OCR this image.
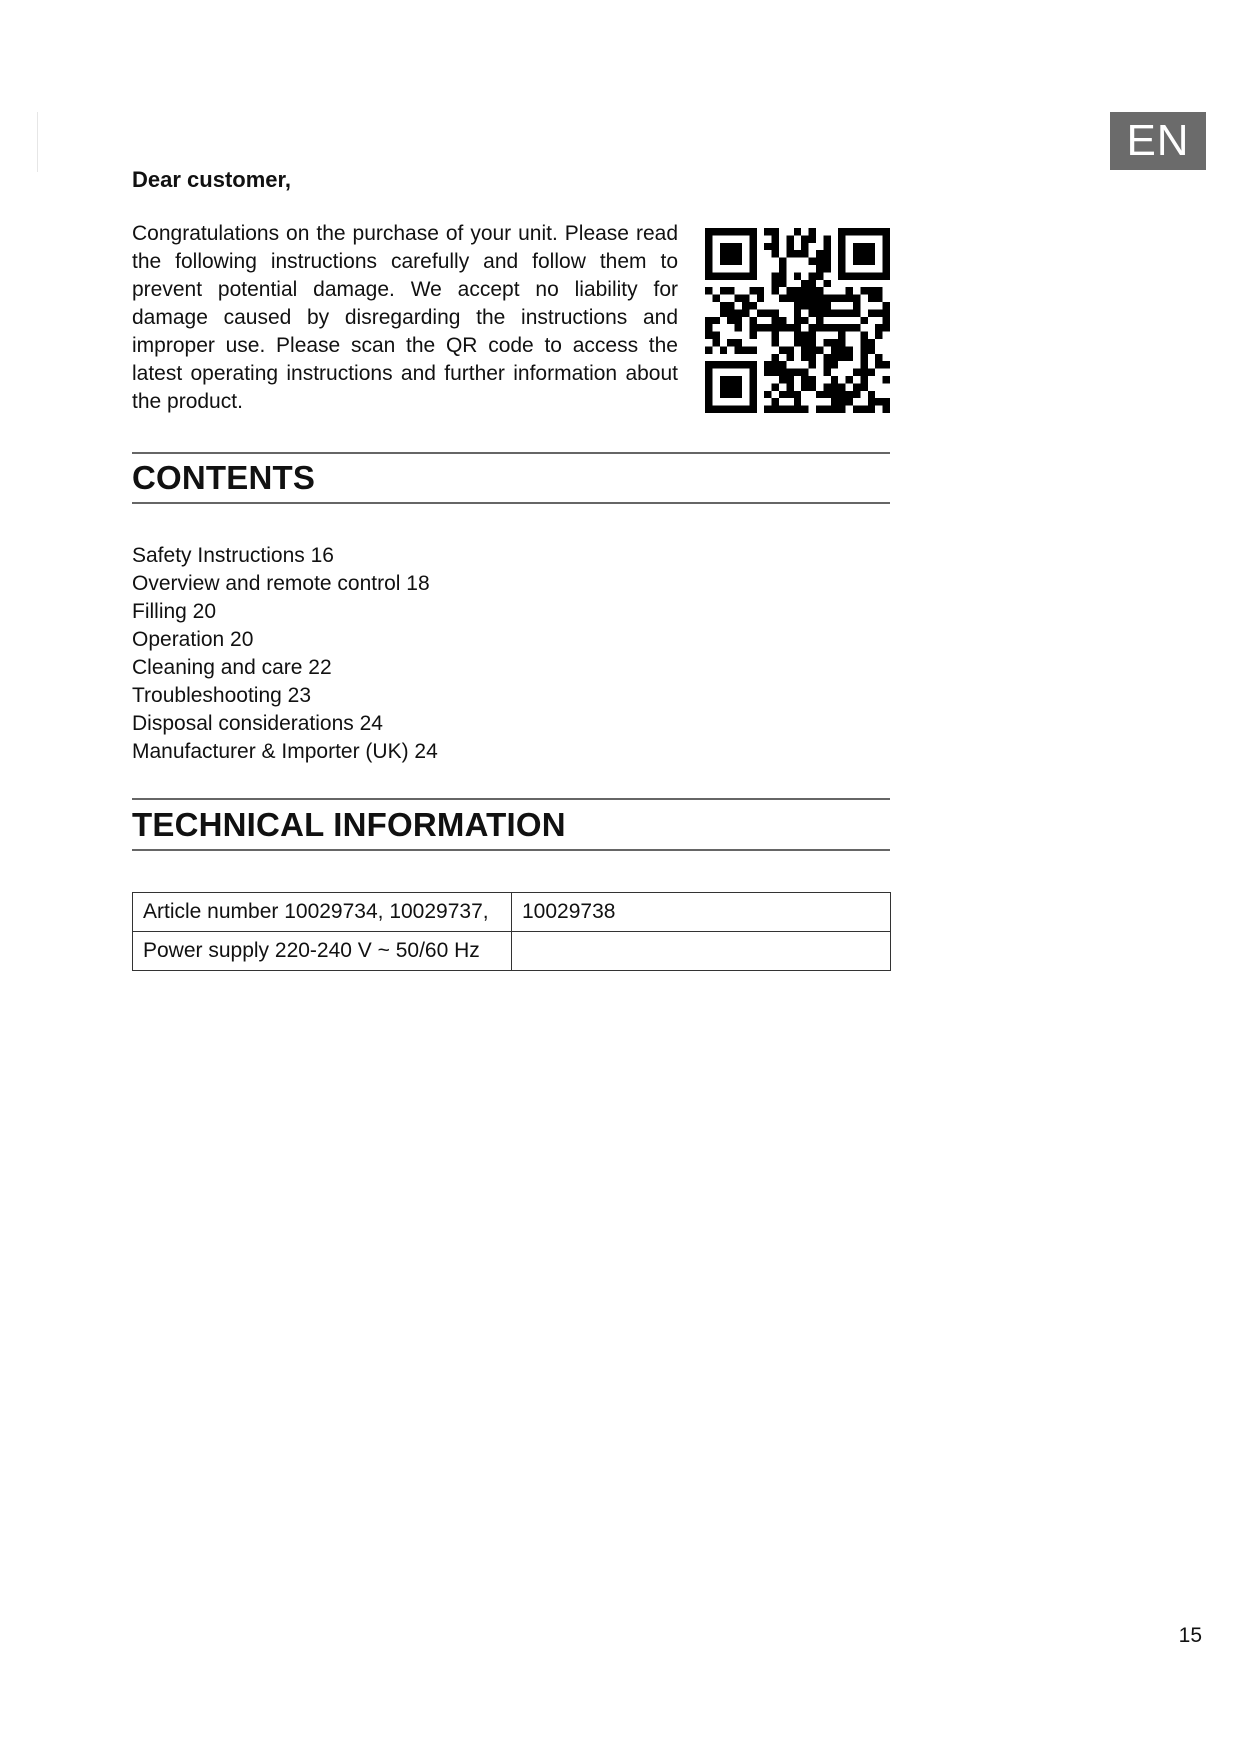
EN
Dear customer,

Congratulations on the purchase of your unit. Please read the following instructions carefully and follow them to prevent potential damage. We accept no liability for damage caused by disregarding the instructions and improper use. Please scan the QR code to access the latest operating instructions and further information about the product.

CONTENTS
Safety Instructions 16
Overview and remote control 18
Filling 20
Operation 20
Cleaning and care 22
Troubleshooting 23
Disposal considerations 24
Manufacturer & Importer (UK) 24
TECHNICAL INFORMATION
Article number 10029734, 10029737,	10029738
Power supply 220-240 V ~ 50/60 Hz	
15
